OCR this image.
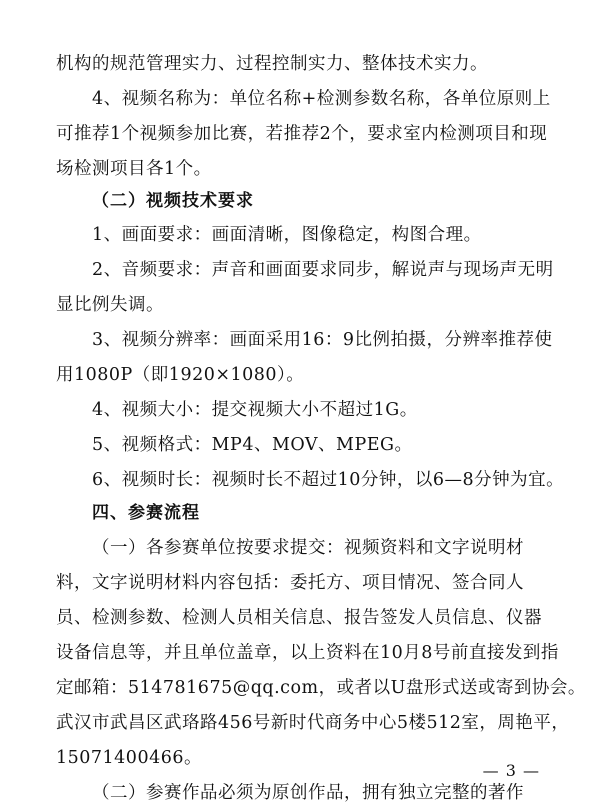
机构的规范管理实力、过程控制实力、整体技术实力。
4、视频名称为：单位名称+检测参数名称，各单位原则上
可推荐1个视频参加比赛，若推荐2个，要求室内检测项目和现
场检测项目各1个。
（二）视频技术要求
1、画面要求：画面清晰，图像稳定，构图合理。
2、音频要求：声音和画面要求同步，解说声与现场声无明
显比例失调。
3、视频分辨率：画面采用16：9比例拍摄，分辨率推荐使
用1080P（即1920×1080）。
4、视频大小：提交视频大小不超过1G。
5、视频格式：MP4、MOV、MPEG。
6、视频时长：视频时长不超过10分钟，以6—8分钟为宜。
四、参赛流程
（一）各参赛单位按要求提交：视频资料和文字说明材
料，文字说明材料内容包括：委托方、项目情况、签合同人
员、检测参数、检测人员相关信息、报告签发人员信息、仪器
设备信息等，并且单位盖章，以上资料在10月8号前直接发到指
定邮箱：514781675@qq.com，或者以U盘形式送或寄到协会。
武汉市武昌区武珞路456号新时代商务中心5楼512室，周艳平，
15071400466。
（二）参赛作品必须为原创作品，拥有独立完整的著作
— 3 —
